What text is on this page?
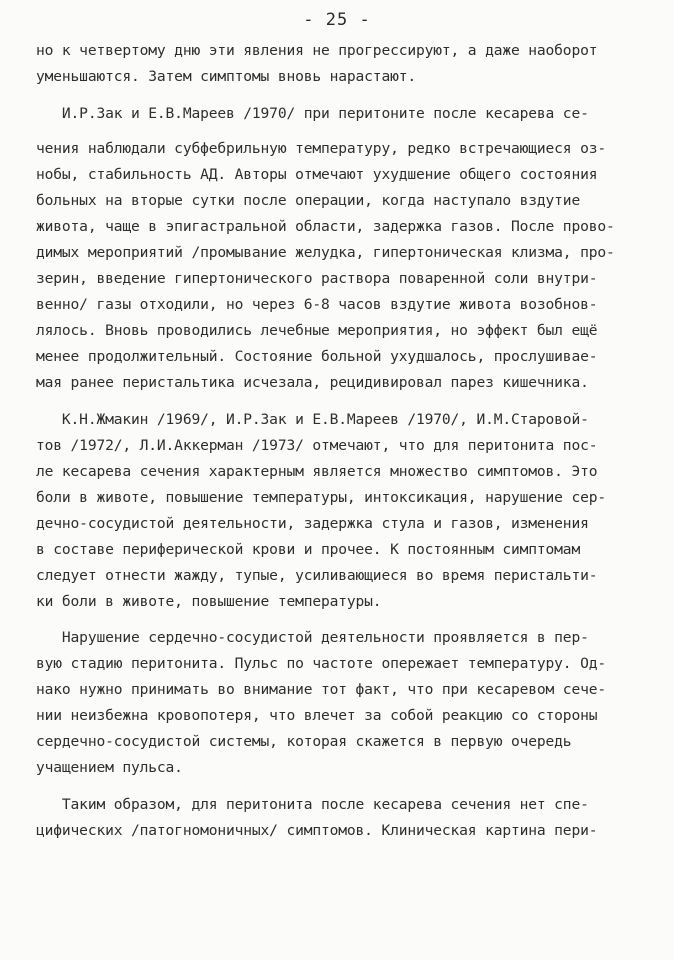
- 25 -
но к четвертому дню эти явления не прогрессируют, а даже наоборот
уменьшаются. Затем симптомы вновь нарастают.
И.Р.Зак и Е.В.Мареев /1970/ при перитоните после кесарева се-
чения наблюдали субфебрильную температуру, редко встречающиеся оз-
нобы, стабильность АД. Авторы отмечают ухудшение общего состояния
больных на вторые сутки после операции, когда наступало вздутие
живота, чаще в эпигастральной области, задержка газов. После прово-
димых мероприятий /промывание желудка, гипертоническая клизма, про-
зерин, введение гипертонического раствора поваренной соли внутри-
венно/ газы отходили, но через 6-8 часов вздутие живота возобнов-
лялось. Вновь проводились лечебные мероприятия, но эффект был ещё
менее продолжительный. Состояние больной ухудшалось, прослушивае-
мая ранее перистальтика исчезала, рецидивировал парез кишечника.
К.Н.Жмакин /1969/, И.Р.Зак и Е.В.Мареев /1970/, И.М.Старовой-
тов /1972/, Л.И.Аккерман /1973/ отмечают, что для перитонита пос-
ле кесарева сечения характерным является множество симптомов. Это
боли в животе, повышение температуры, интоксикация, нарушение сер-
дечно-сосудистой деятельности, задержка стула и газов, изменения
в составе периферической крови и прочее. К постоянным симптомам
следует отнести жажду, тупые, усиливающиеся во время перистальти-
ки боли в животе, повышение температуры.
Нарушение сердечно-сосудистой деятельности проявляется в пер-
вую стадию перитонита. Пульс по частоте опережает температуру. Од-
нако нужно принимать во внимание тот факт, что при кесаревом сече-
нии неизбежна кровопотеря, что влечет за собой реакцию со стороны
сердечно-сосудистой системы, которая скажется в первую очередь
учащением пульса.
Таким образом, для перитонита после кесарева сечения нет спе-
цифических /патогномоничных/ симптомов. Клиническая картина пери-
